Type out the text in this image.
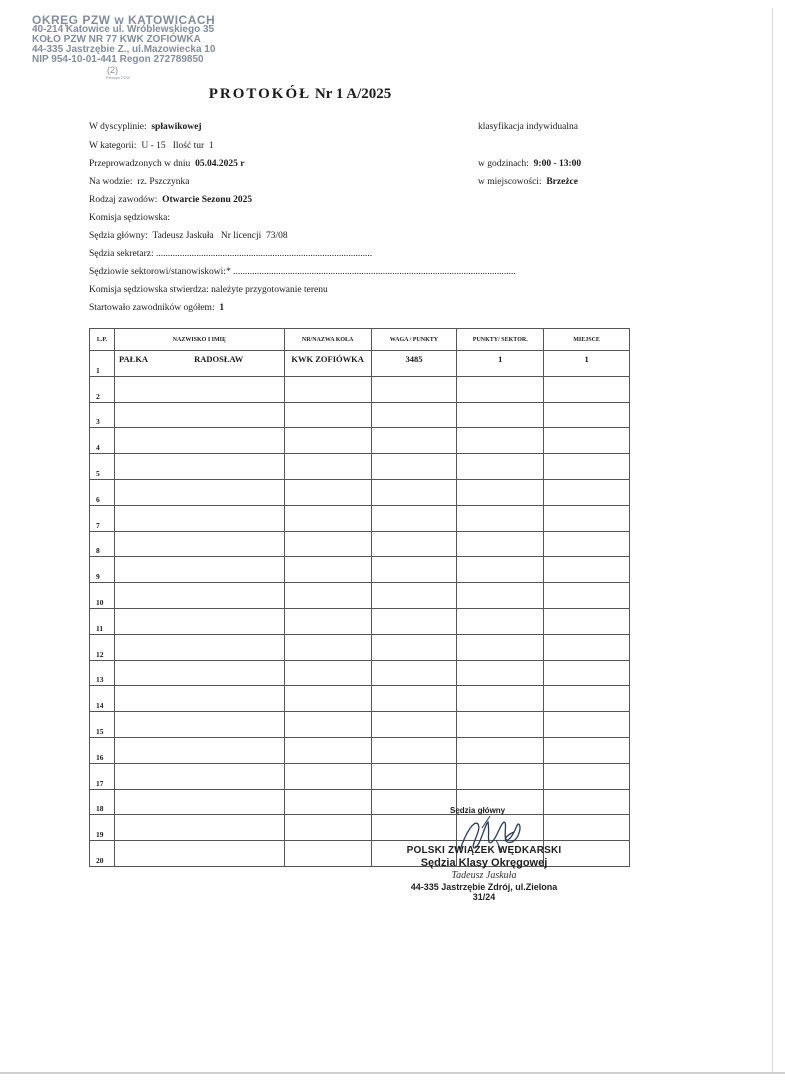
OKRĘG PZW w KATOWICACH
40-214 Katowice ul. Wróblewskiego 35
KOŁO PZW NR 77 KWK ZOFIÓWKA
44-335 Jastrzębie Z., ul.Mazowiecka 10
NIP 954-10-01-441 Regon 272789850
(2)
Pieczęć PZW
PROTOKÓŁ Nr 1 A/2025
W dyscyplinie: spławikowej	klasyfikacja indywidualna
W kategorii: U - 15 Ilość tur 1
Przeprowadzonych w dniu 05.04.2025 r	w godzinach: 9:00 - 13:00
Na wodzie: rz. Pszczynka	w miejscowości: Brzeżce
Rodzaj zawodów: Otwarcie Sezonu 2025
Komisja sędziowska:
Sędzia główny: Tadeusz Jaskuła Nr licencji 73/08
Sędzia sekretarz: ...........................................................................................
Sędziowie sektorowi/stanowiskowi:* .......................................................................................................................
Komisja sędziowska stwierdza: należyte przygotowanie terenu
Startowało zawodników ogółem: 1
L.P.	NAZWISKO I IMIĘ	NR/NAZWA KOŁA	WAGA / PUNKTY	PUNKTY/ SEKTOR.	MIEJSCE
1	PAŁKA RADOSŁAW	KWK ZOFIÓWKA	3485	1	1
2					
3					
4					
5					
6					
7					
8					
9					
10					
11					
12					
13					
14					
15					
16					
17					
18					
19					
20					
Sędzia główny
POLSKI ZWIĄZEK WĘDKARSKI
Sędzia Klasy Okręgowej
Tadeusz Jaskuła
44-335 Jastrzębie Zdrój, ul.Zielona 31/24
